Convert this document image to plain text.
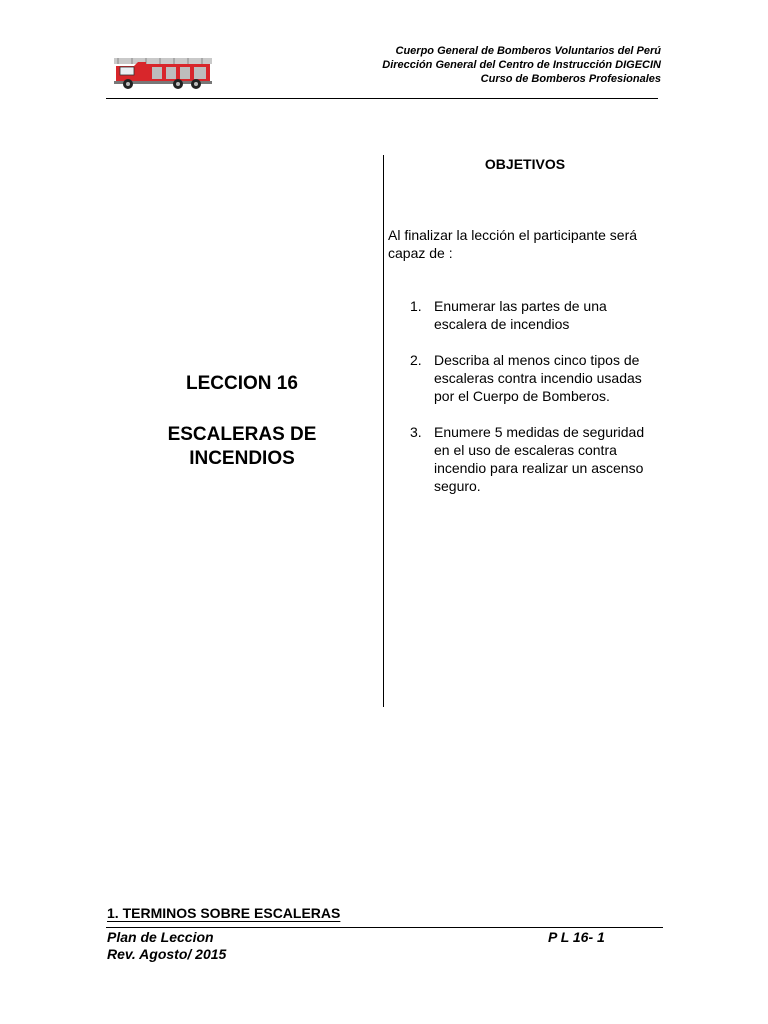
Cuerpo General de Bomberos Voluntarios del Perú
Dirección General del Centro de Instrucción DIGECIN
Curso de Bomberos Profesionales
LECCION 16
ESCALERAS DE
INCENDIOS
OBJETIVOS
Al finalizar la lección el participante será
capaz de :
1. Enumerar las partes de una
escalera de incendios
2. Describa al menos cinco tipos de
escaleras contra incendio usadas
por el Cuerpo de Bomberos.
3. Enumere 5 medidas de seguridad
en el uso de escaleras contra
incendio para realizar un ascenso
seguro.
1. TERMINOS SOBRE ESCALERAS
Plan de Leccion
Rev. Agosto/ 2015
P L 16- 1
